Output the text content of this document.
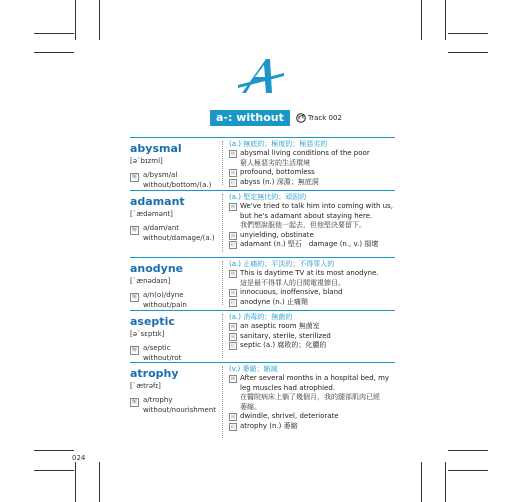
a-: without	Track 002
abysmal
[əˋbɪzml]
解 a/bysm/al
without/bottom/(a.)
(a.) 無底的；極度的；極惡劣的
例 abysmal living conditions of the poor
窮人極惡劣的生活環境
同 profound, bottomless
衍 abyss (n.) 深淵；無底洞
adamant
[ˋædəmənt]
解 a/dam/ant
without/damage/(a.)
(a.) 堅定無比的；頑固的
例 We've tried to talk him into coming with us,
but he's adamant about staying here.
我們想說服他一起去，但他堅決要留下。
同 unyielding, obstinate
衍 adamant (n.) 堅石　damage (n., v.) 損壞
anodyne
[ˋænədaɪn]
解 a/n(o)/dyne
without/pain
(a.) 止痛的；平淡的；不得罪人的
例 This is daytime TV at its most anodyne.
這是最不得罪人的日間電視節目。
同 innocuous, inoffensive, bland
衍 anodyne (n.) 止痛劑
aseptic
[əˋsɛptɪk]
解 a/septic
without/rot
(a.) 消毒的；無菌的
例 an aseptic room 無菌室
同 sanitary, sterile, sterilized
衍 septic (a.) 腐敗的；化膿的
atrophy
[ˋætrəfɪ]
解 a/trophy
without/nourishment
(v.) 萎縮；縮減
例 After several months in a hospital bed, my
leg muscles had atrophied.
在醫院病床上躺了幾個月，我的腿部肌肉已經
萎縮。
同 dwindle, shrivel, deteriorate
衍 atrophy (n.) 萎縮
024
